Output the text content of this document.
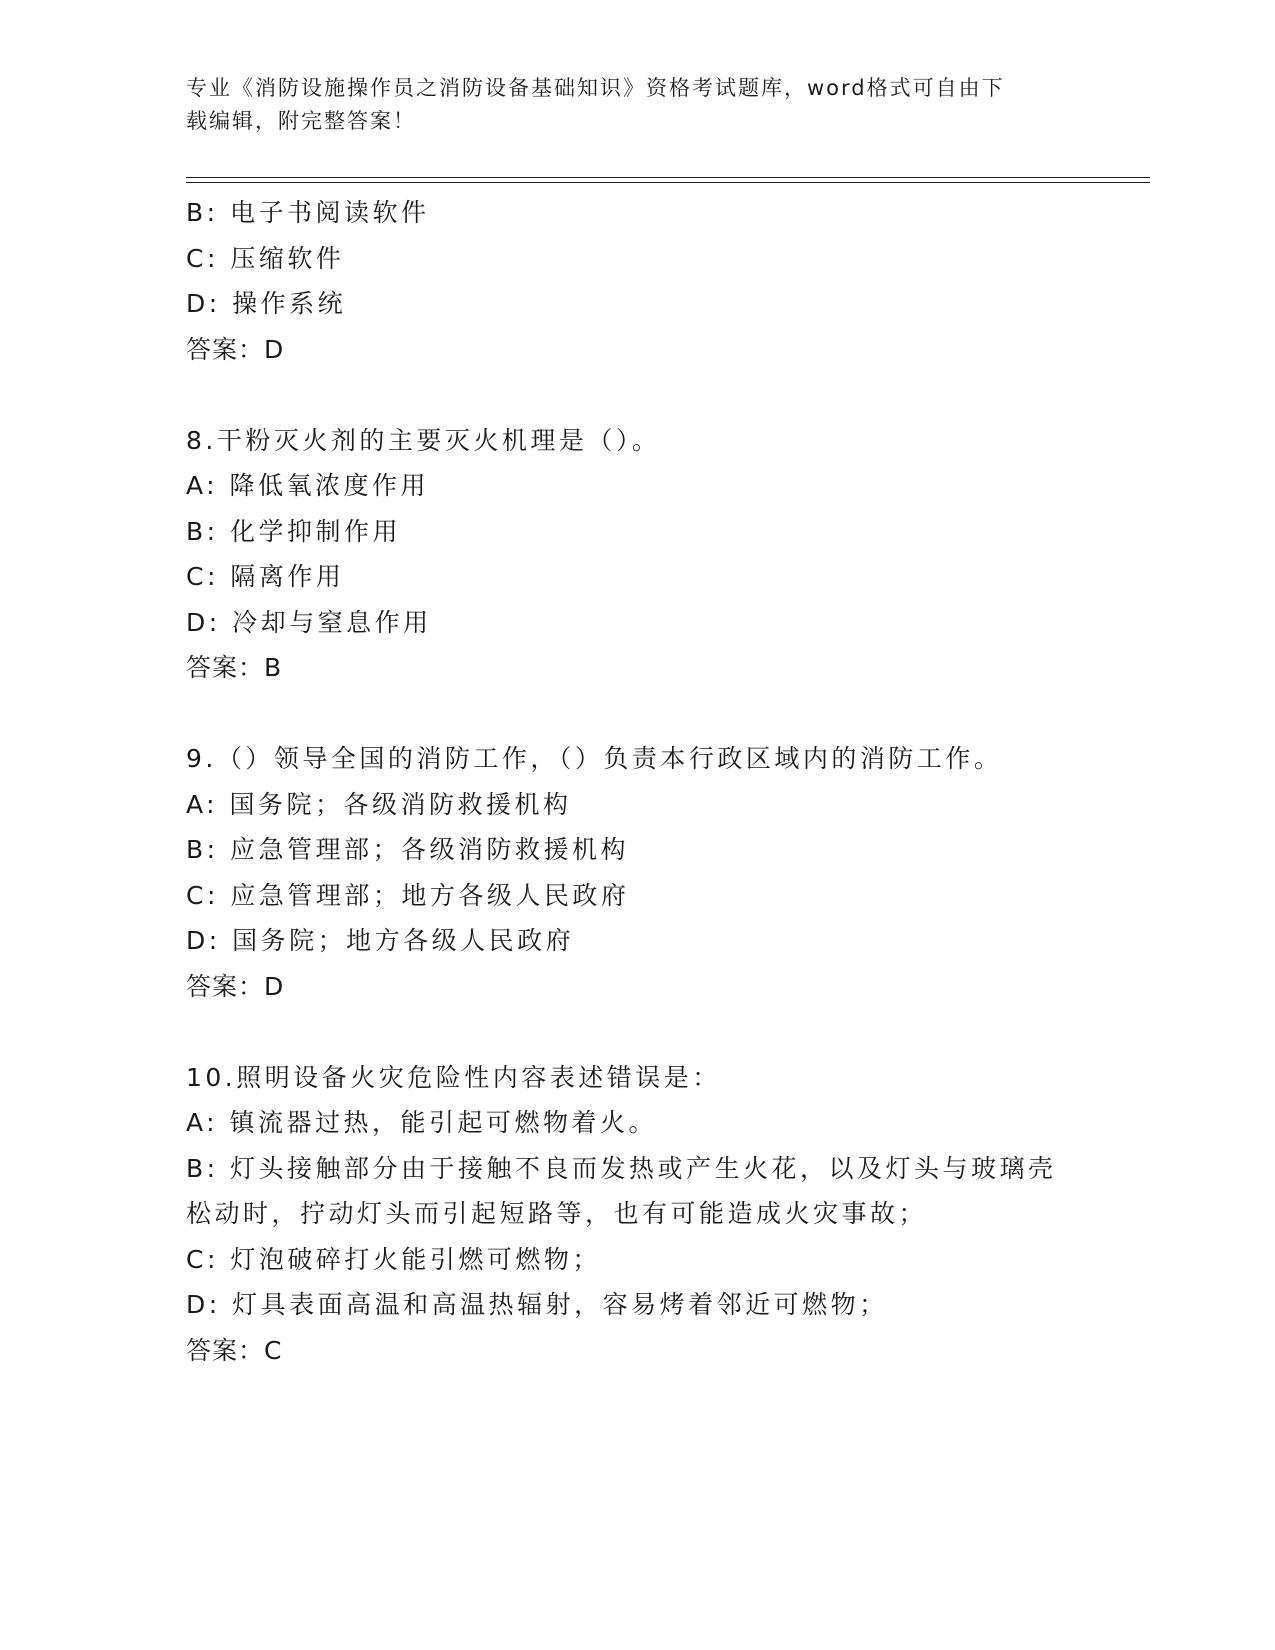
专业《消防设施操作员之消防设备基础知识》资格考试题库，word格式可自由下
载编辑，附完整答案！
B: 电子书阅读软件
C: 压缩软件
D: 操作系统
答案：D
8.干粉灭火剂的主要灭火机理是（）。
A: 降低氧浓度作用
B: 化学抑制作用
C: 隔离作用
D: 冷却与窒息作用
答案：B
9.（）领导全国的消防工作，（）负责本行政区域内的消防工作。
A: 国务院；各级消防救援机构
B: 应急管理部；各级消防救援机构
C: 应急管理部；地方各级人民政府
D: 国务院；地方各级人民政府
答案：D
10.照明设备火灾危险性内容表述错误是：
A: 镇流器过热，能引起可燃物着火。
B: 灯头接触部分由于接触不良而发热或产生火花，以及灯头与玻璃壳
松动时，拧动灯头而引起短路等，也有可能造成火灾事故；
C: 灯泡破碎打火能引燃可燃物；
D: 灯具表面高温和高温热辐射，容易烤着邻近可燃物；
答案：C
